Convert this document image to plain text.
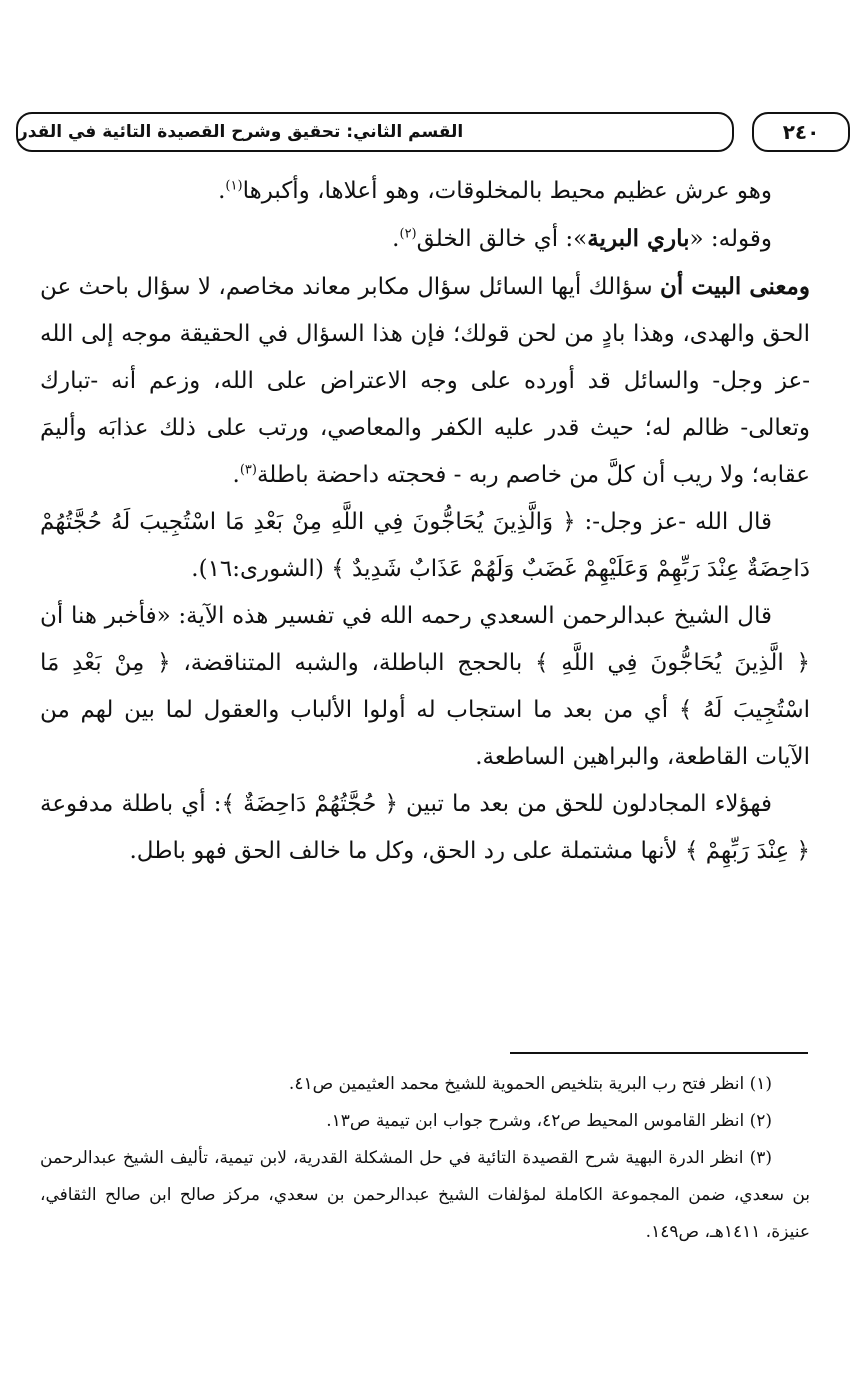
القسم الثاني: تحقيق وشرح القصيدة التائية في القدر	٢٤٠

وهو عرش عظيم محيط بالمخلوقات، وهو أعلاها، وأكبرها$^{(١)}$.

وقوله: «باري البرية»: أي خالق الخلق$^{(٢)}$.

ومعنى البيت أن سؤالك أيها السائل سؤال مكابر معاند مخاصم، لا سؤال باحث عن الحق والهدى، وهذا بادٍ من لحن قولك؛ فإن هذا السؤال في الحقيقة موجه إلى الله -عز وجل- والسائل قد أورده على وجه الاعتراض على الله، وزعم أنه -تبارك وتعالى- ظالم له؛ حيث قدر عليه الكفر والمعاصي، ورتب على ذلك عذابَه وأليمَ عقابه؛ ولا ريب أن كلَّ من خاصم ربه - فحجته داحضة باطلة$^{(٣)}$.

قال الله -عز وجل-: ﴿ وَالَّذِينَ يُحَاجُّونَ فِي اللَّهِ مِنْ بَعْدِ مَا اسْتُجِيبَ لَهُ حُجَّتُهُمْ دَاحِضَةٌ عِنْدَ رَبِّهِمْ وَعَلَيْهِمْ غَضَبٌ وَلَهُمْ عَذَابٌ شَدِيدٌ ﴾ (الشورى:١٦).

قال الشيخ عبدالرحمن السعدي رحمه الله في تفسير هذه الآية: «فأخبر هنا أن ﴿ الَّذِينَ يُحَاجُّونَ فِي اللَّهِ ﴾ بالحجج الباطلة، والشبه المتناقضة، ﴿ مِنْ بَعْدِ مَا اسْتُجِيبَ لَهُ ﴾ أي من بعد ما استجاب له أولوا الألباب والعقول لما بين لهم من الآيات القاطعة، والبراهين الساطعة.

فهؤلاء المجادلون للحق من بعد ما تبين ﴿ حُجَّتُهُمْ دَاحِضَةٌ ﴾: أي باطلة مدفوعة ﴿ عِنْدَ رَبِّهِمْ ﴾ لأنها مشتملة على رد الحق، وكل ما خالف الحق فهو باطل.

(١) انظر فتح رب البرية بتلخيص الحموية للشيخ محمد العثيمين ص٤١.

(٢) انظر القاموس المحيط ص٤٢، وشرح جواب ابن تيمية ص١٣.

(٣) انظر الدرة البهية شرح القصيدة التائية في حل المشكلة القدرية، لابن تيمية، تأليف الشيخ عبدالرحمن بن سعدي، ضمن المجموعة الكاملة لمؤلفات الشيخ عبدالرحمن بن سعدي، مركز صالح ابن صالح الثقافي، عنيزة، ١٤١١هـ، ص١٤٩.
